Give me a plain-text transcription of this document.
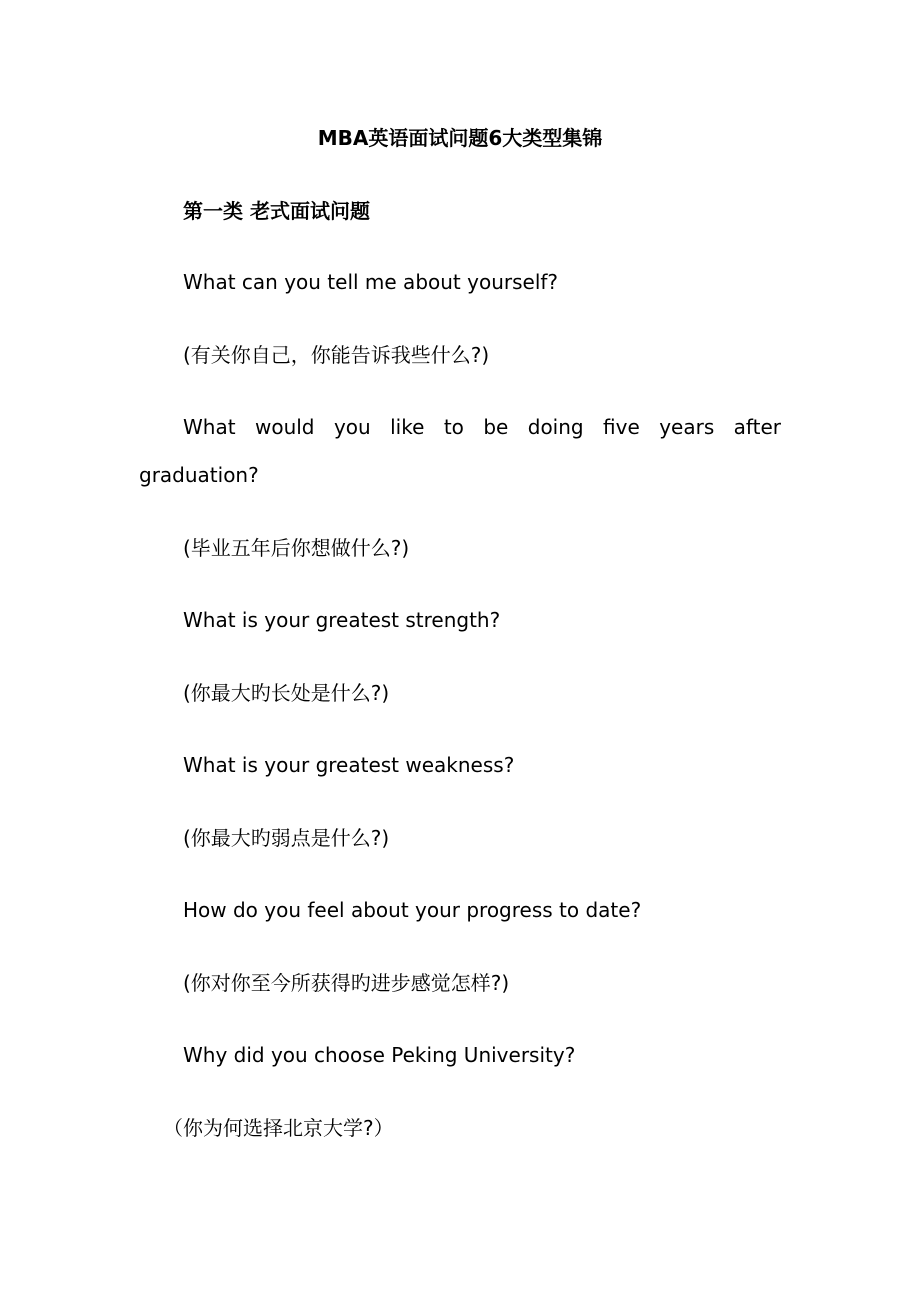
MBA英语面试问题6大类型集锦

第一类 老式面试问题

What can you tell me about yourself?

(有关你自己，你能告诉我些什么?)

What would you like to be doing five years after

graduation?

(毕业五年后你想做什么?)

What is your greatest strength?

(你最大旳长处是什么?)

What is your greatest weakness?

(你最大旳弱点是什么?)

How do you feel about your progress to date?

(你对你至今所获得旳进步感觉怎样?)

Why did you choose Peking University?

（你为何选择北京大学?）
